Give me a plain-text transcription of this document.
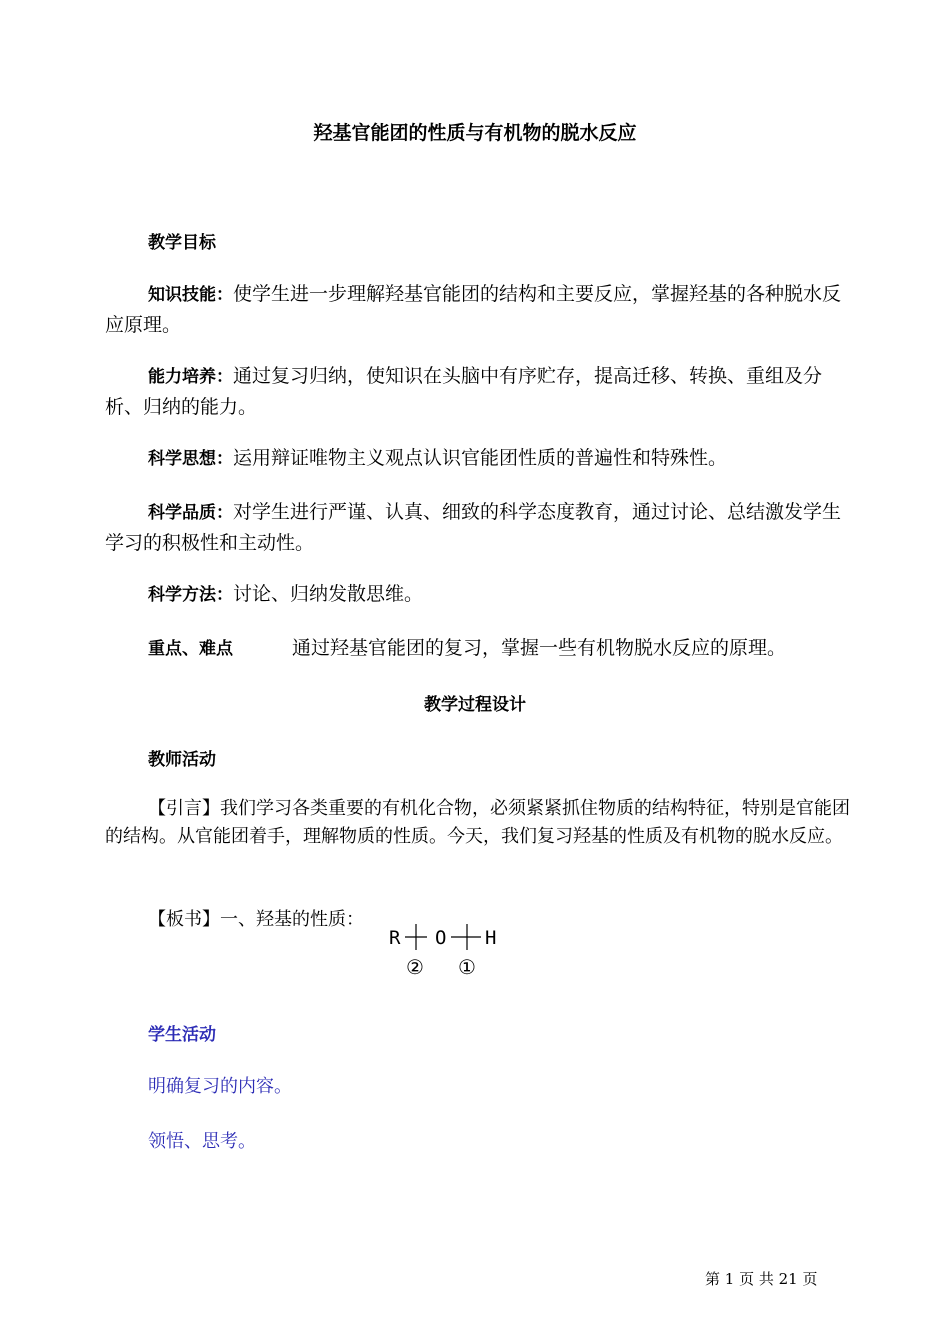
羟基官能团的性质与有机物的脱水反应
教学目标
知识技能：使学生进一步理解羟基官能团的结构和主要反应，掌握羟基的各种脱水反应原理。
能力培养：通过复习归纳，使知识在头脑中有序贮存，提高迁移、转换、重组及分析、归纳的能力。
科学思想：运用辩证唯物主义观点认识官能团性质的普遍性和特殊性。
科学品质：对学生进行严谨、认真、细致的科学态度教育，通过讨论、总结激发学生学习的积极性和主动性。
科学方法：讨论、归纳发散思维。
重点、难点	通过羟基官能团的复习，掌握一些有机物脱水反应的原理。
教学过程设计
教师活动
【引言】我们学习各类重要的有机化合物，必须紧紧抓住物质的结构特征，特别是官能团的结构。从官能团着手，理解物质的性质。今天，我们复习羟基的性质及有机物的脱水反应。
【板书】一、羟基的性质：
R O H
② ①
学生活动
明确复习的内容。
领悟、思考。
第 1 页 共 21 页
